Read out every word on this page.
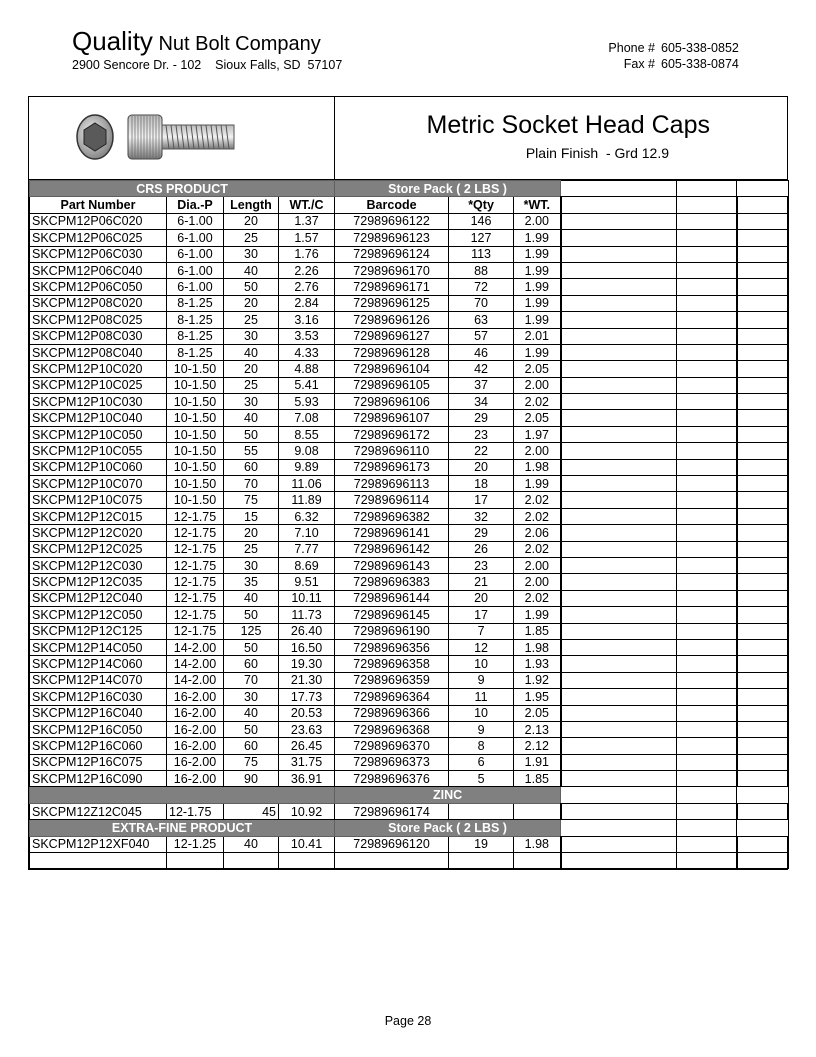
Quality Nut Bolt Company
2900 Sencore Dr. - 102    Sioux Falls, SD  57107
Phone # 605-338-0852
Fax # 605-338-0874
Metric Socket Head Caps
Plain Finish  - Grd 12.9
CRS PRODUCT				Store Pack ( 2 LBS )					
Part Number	Dia.-P	Length	WT./C	Barcode	*Qty	*WT.			
SKCPM12P06C020	6-1.00	20	1.37	72989696122	146	2.00			
SKCPM12P06C025	6-1.00	25	1.57	72989696123	127	1.99			
SKCPM12P06C030	6-1.00	30	1.76	72989696124	113	1.99			
SKCPM12P06C040	6-1.00	40	2.26	72989696170	88	1.99			
SKCPM12P06C050	6-1.00	50	2.76	72989696171	72	1.99			
SKCPM12P08C020	8-1.25	20	2.84	72989696125	70	1.99			
SKCPM12P08C025	8-1.25	25	3.16	72989696126	63	1.99			
SKCPM12P08C030	8-1.25	30	3.53	72989696127	57	2.01			
SKCPM12P08C040	8-1.25	40	4.33	72989696128	46	1.99			
SKCPM12P10C020	10-1.50	20	4.88	72989696104	42	2.05			
SKCPM12P10C025	10-1.50	25	5.41	72989696105	37	2.00			
SKCPM12P10C030	10-1.50	30	5.93	72989696106	34	2.02			
SKCPM12P10C040	10-1.50	40	7.08	72989696107	29	2.05			
SKCPM12P10C050	10-1.50	50	8.55	72989696172	23	1.97			
SKCPM12P10C055	10-1.50	55	9.08	72989696110	22	2.00			
SKCPM12P10C060	10-1.50	60	9.89	72989696173	20	1.98			
SKCPM12P10C070	10-1.50	70	11.06	72989696113	18	1.99			
SKCPM12P10C075	10-1.50	75	11.89	72989696114	17	2.02			
SKCPM12P12C015	12-1.75	15	6.32	72989696382	32	2.02			
SKCPM12P12C020	12-1.75	20	7.10	72989696141	29	2.06			
SKCPM12P12C025	12-1.75	25	7.77	72989696142	26	2.02			
SKCPM12P12C030	12-1.75	30	8.69	72989696143	23	2.00			
SKCPM12P12C035	12-1.75	35	9.51	72989696383	21	2.00			
SKCPM12P12C040	12-1.75	40	10.11	72989696144	20	2.02			
SKCPM12P12C050	12-1.75	50	11.73	72989696145	17	1.99			
SKCPM12P12C125	12-1.75	125	26.40	72989696190	7	1.85			
SKCPM12P14C050	14-2.00	50	16.50	72989696356	12	1.98			
SKCPM12P14C060	14-2.00	60	19.30	72989696358	10	1.93			
SKCPM12P14C070	14-2.00	70	21.30	72989696359	9	1.92			
SKCPM12P16C030	16-2.00	30	17.73	72989696364	11	1.95			
SKCPM12P16C040	16-2.00	40	20.53	72989696366	10	2.05			
SKCPM12P16C050	16-2.00	50	23.63	72989696368	9	2.13			
SKCPM12P16C060	16-2.00	60	26.45	72989696370	8	2.12			
SKCPM12P16C075	16-2.00	75	31.75	72989696373	6	1.91			
SKCPM12P16C090	16-2.00	90	36.91	72989696376	5	1.85			
				ZINC					
SKCPM12Z12C045	12-1.75	45	10.92	72989696174					
EXTRA-FINE PRODUCT				Store Pack ( 2 LBS )					
SKCPM12P12XF040	12-1.25	40	10.41	72989696120	19	1.98			

Page 28
